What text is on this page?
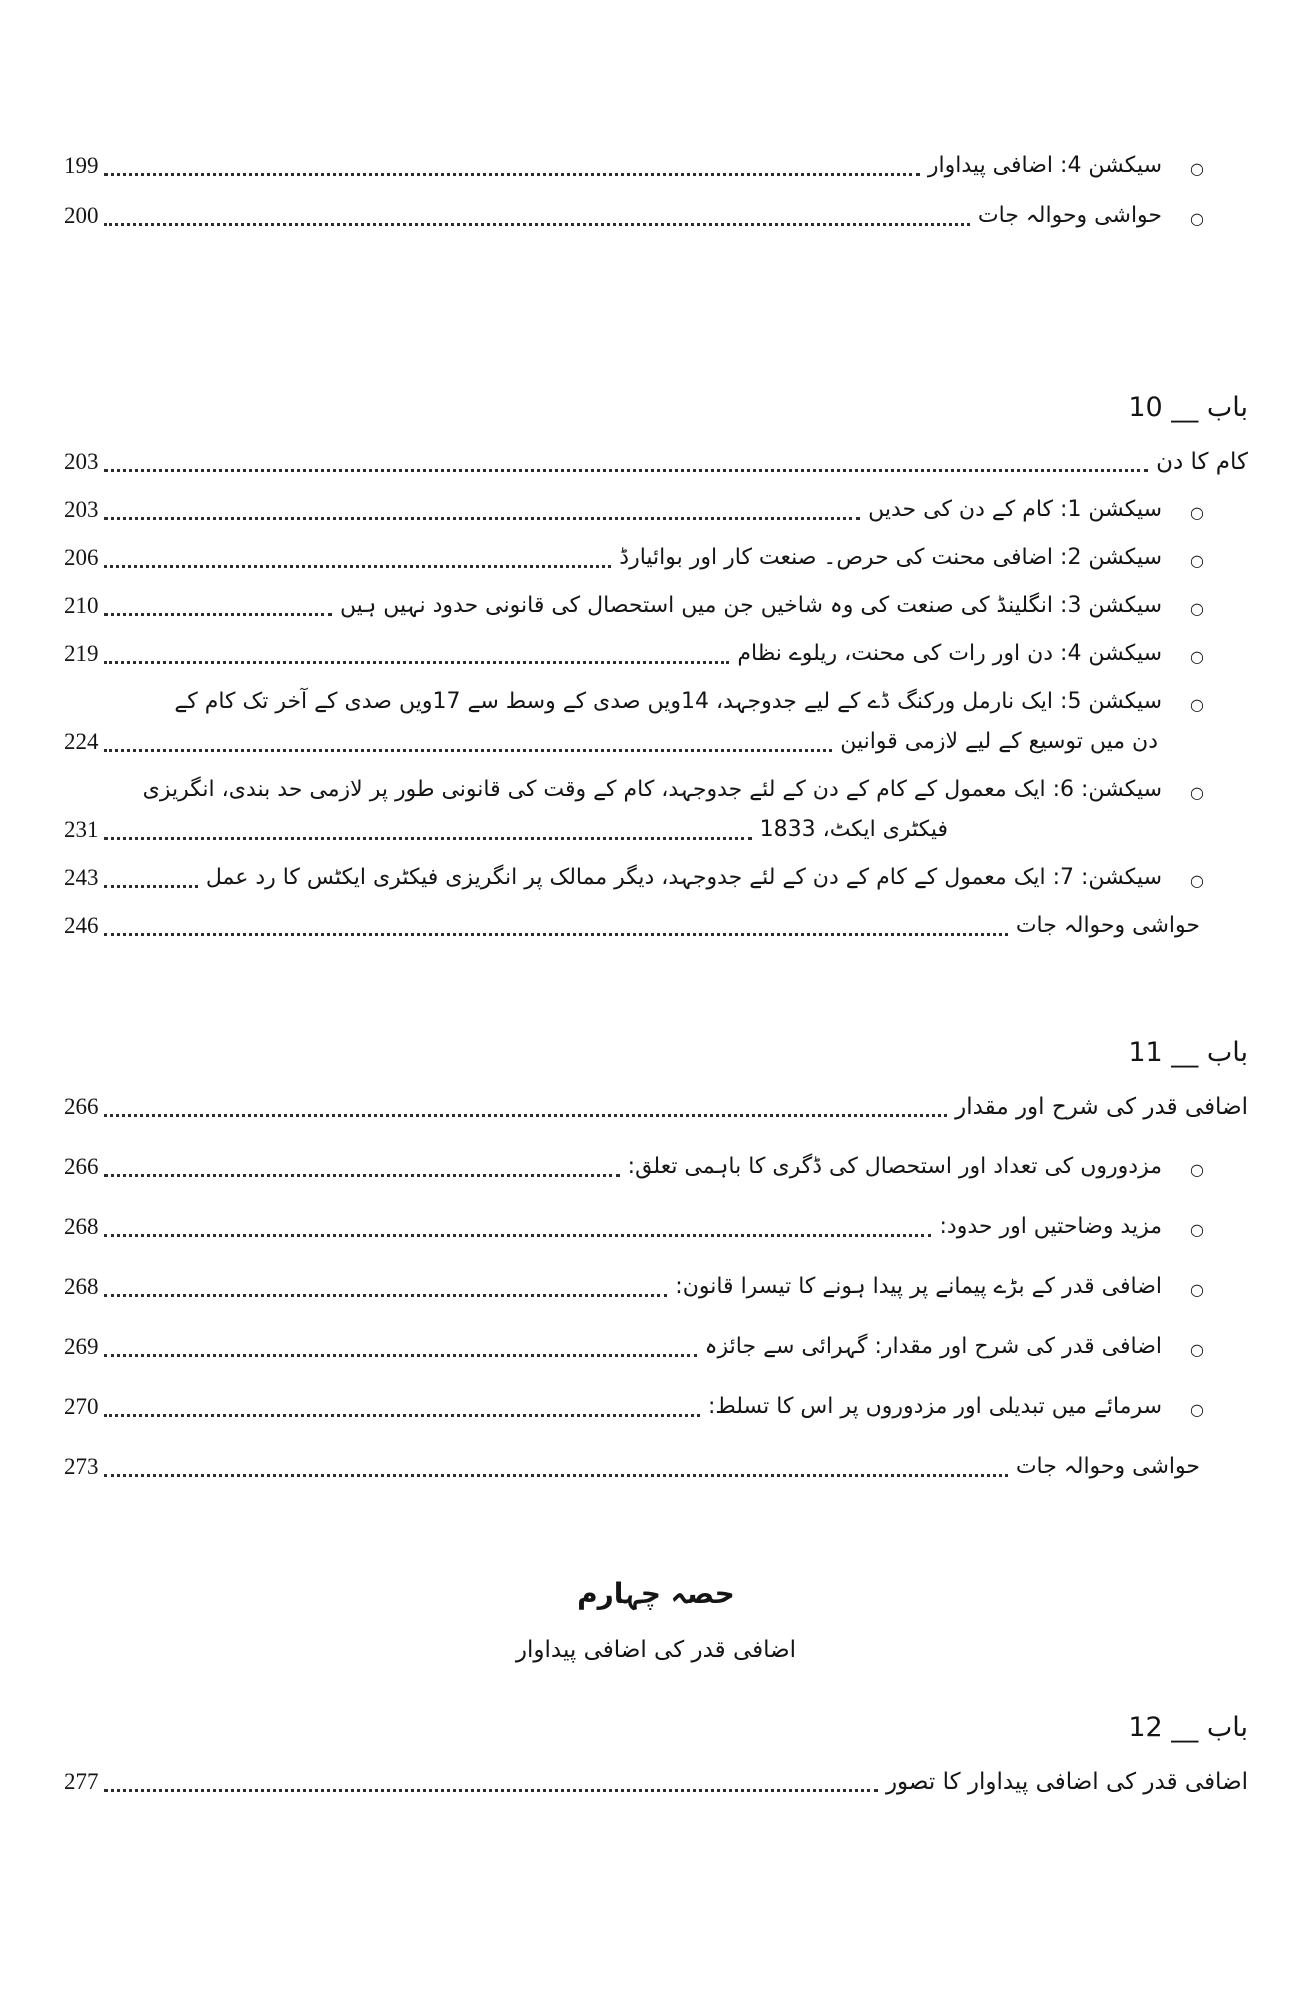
○
سیکشن 4: اضافی پیداوار
199
○
حواشی وحوالہ جات
200
باب __ 10
کام کا دن
203
○
سیکشن 1: کام کے دن کی حدیں
203
○
سیکشن 2: اضافی محنت کی حرص۔ صنعت کار اور بوائیارڈ
206
○
سیکشن 3: انگلینڈ کی صنعت کی وہ شاخیں جن میں استحصال کی قانونی حدود نہیں ہیں
210
○
سیکشن 4: دن اور رات کی محنت، ریلوے نظام
219
○
سیکشن 5: ایک نارمل ورکنگ ڈے کے لیے جدوجہد، 14ویں صدی کے وسط سے 17ویں صدی کے آخر تک کام کے
دن میں توسیع کے لیے لازمی قوانین
224
○
سیکشن: 6: ایک معمول کے کام کے دن کے لئے جدوجہد، کام کے وقت کی قانونی طور پر لازمی حد بندی، انگریزی
فیکٹری ایکٹ، 1833
231
○
سیکشن: 7: ایک معمول کے کام کے دن کے لئے جدوجہد، دیگر ممالک پر انگریزی فیکٹری ایکٹس کا رد عمل
243
حواشی وحوالہ جات
246
باب __ 11
اضافی قدر کی شرح اور مقدار
266
○
مزدوروں کی تعداد اور استحصال کی ڈگری کا باہمی تعلق:
266
○
مزید وضاحتیں اور حدود:
268
○
اضافی قدر کے بڑے پیمانے پر پیدا ہونے کا تیسرا قانون:
268
○
اضافی قدر کی شرح اور مقدار: گہرائی سے جائزہ
269
○
سرمائے میں تبدیلی اور مزدوروں پر اس کا تسلط:
270
حواشی وحوالہ جات
273
حصہ چہارم
اضافی قدر کی اضافی پیداوار
باب __ 12
اضافی قدر کی اضافی پیداوار کا تصور
277
